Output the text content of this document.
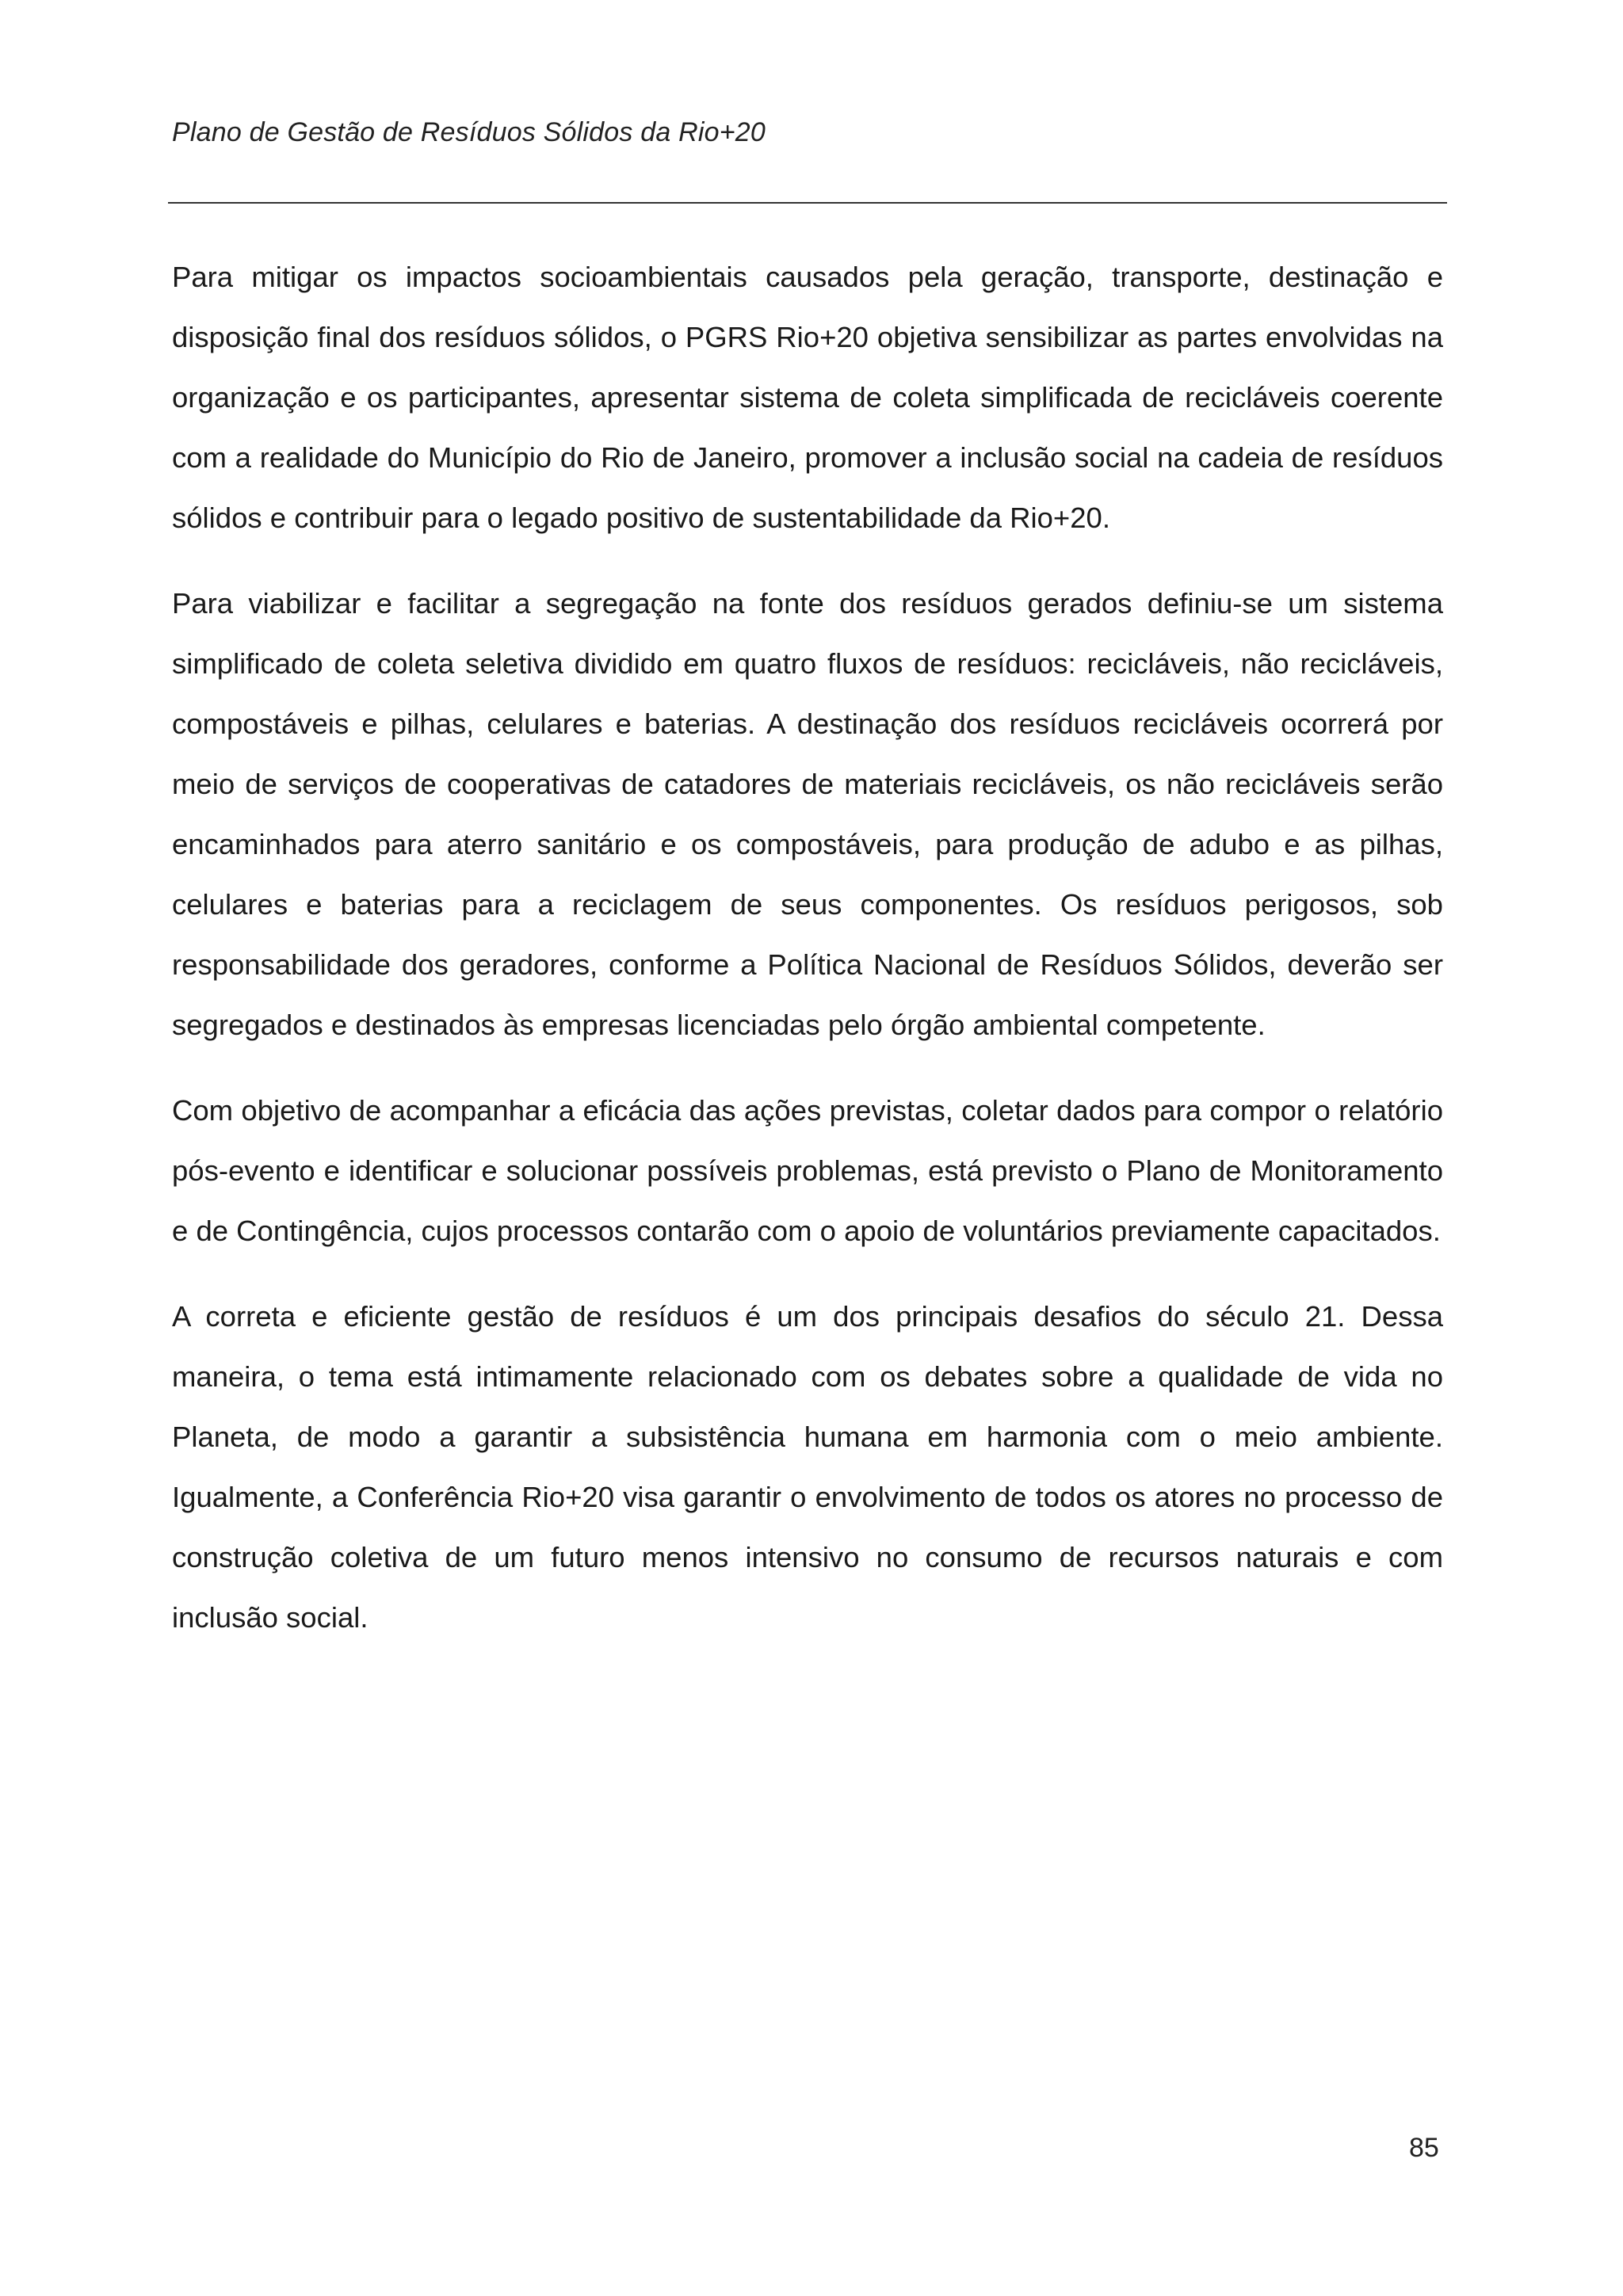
Plano de Gestão de Resíduos Sólidos da Rio+20

Para mitigar os impactos socioambientais causados pela geração, transporte, destinação e disposição final dos resíduos sólidos, o PGRS Rio+20 objetiva sensibilizar as partes envolvidas na organização e os participantes, apresentar sistema de coleta simplificada de recicláveis coerente com a realidade do Município do Rio de Janeiro, promover a inclusão social na cadeia de resíduos sólidos e contribuir para o legado positivo de sustentabilidade da Rio+20.

Para viabilizar e facilitar a segregação na fonte dos resíduos gerados definiu-se um sistema simplificado de coleta seletiva dividido em quatro fluxos de resíduos: recicláveis, não recicláveis, compostáveis e pilhas, celulares e baterias. A destinação dos resíduos recicláveis ocorrerá por meio de serviços de cooperativas de catadores de materiais recicláveis, os não recicláveis serão encaminhados para aterro sanitário e os compostáveis, para produção de adubo e as pilhas, celulares e baterias para a reciclagem de seus componentes. Os resíduos perigosos, sob responsabilidade dos geradores, conforme a Política Nacional de Resíduos Sólidos, deverão ser segregados e destinados às empresas licenciadas pelo órgão ambiental competente.

Com objetivo de acompanhar a eficácia das ações previstas, coletar dados para compor o relatório pós-evento e identificar e solucionar possíveis problemas, está previsto o Plano de Monitoramento e de Contingência, cujos processos contarão com o apoio de voluntários previamente capacitados.

A correta e eficiente gestão de resíduos é um dos principais desafios do século 21. Dessa maneira, o tema está intimamente relacionado com os debates sobre a qualidade de vida no Planeta, de modo a garantir a subsistência humana em harmonia com o meio ambiente. Igualmente, a Conferência Rio+20 visa garantir o envolvimento de todos os atores no processo de construção coletiva de um futuro menos intensivo no consumo de recursos naturais e com inclusão social.

85
